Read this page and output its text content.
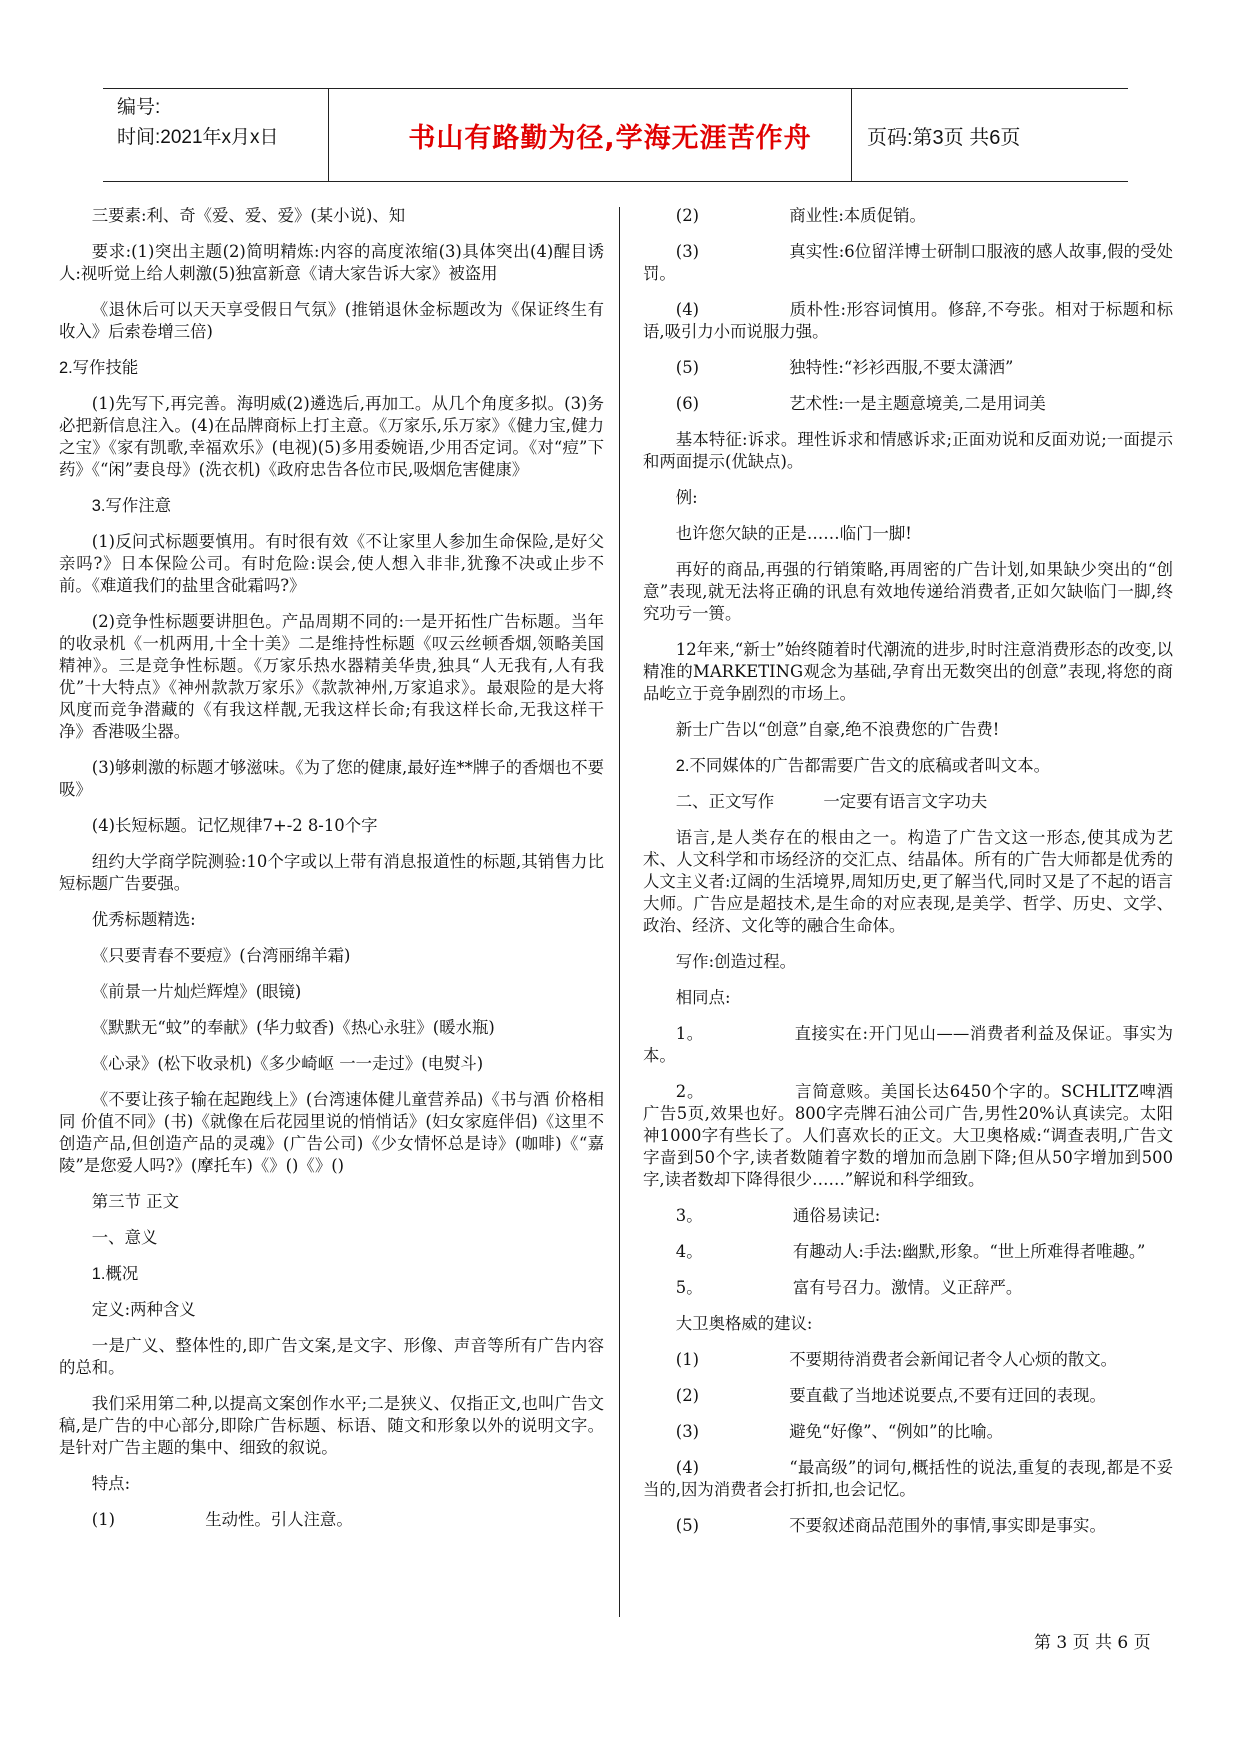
编号:
时间:2021年x月x日	书山有路勤为径,学海无涯苦作舟	页码:第3页 共6页

三要素:利、奇《爱、爱、爱》(某小说)、知

要求:(1)突出主题(2)简明精炼:内容的高度浓缩(3)具体突出(4)醒目诱人:视听觉上给人刺激(5)独富新意《请大家告诉大家》被盗用

《退休后可以天天享受假日气氛》(推销退休金标题改为《保证终生有收入》后索卷增三倍)

2.写作技能

(1)先写下,再完善。海明威(2)遴选后,再加工。从几个角度多拟。(3)务必把新信息注入。(4)在品牌商标上打主意。《万家乐,乐万家》《健力宝,健力之宝》《家有凯歌,幸福欢乐》(电视)(5)多用委婉语,少用否定词。《对“痘”下药》《“闲”妻良母》(洗衣机)《政府忠告各位市民,吸烟危害健康》

3.写作注意

(1)反问式标题要慎用。有时很有效《不让家里人参加生命保险,是好父亲吗?》日本保险公司。有时危险:误会,使人想入非非,犹豫不决或止步不前。《难道我们的盐里含砒霜吗?》

(2)竞争性标题要讲胆色。产品周期不同的:一是开拓性广告标题。当年的收录机《一机两用,十全十美》二是维持性标题《叹云丝顿香烟,领略美国精神》。三是竞争性标题。《万家乐热水器精美华贵,独具“人无我有,人有我优”十大特点》《神州款款万家乐》《款款神州,万家追求》。最艰险的是大将风度而竞争潜藏的《有我这样靓,无我这样长命;有我这样长命,无我这样干净》香港吸尘器。

(3)够刺激的标题才够滋味。《为了您的健康,最好连**牌子的香烟也不要吸》

(4)长短标题。记忆规律7+-2 8-10个字

纽约大学商学院测验:10个字或以上带有消息报道性的标题,其销售力比短标题广告要强。

优秀标题精选:

《只要青春不要痘》(台湾丽绵羊霜)

《前景一片灿烂辉煌》(眼镜)

《默默无“蚊”的奉献》(华力蚊香)《热心永驻》(暖水瓶)

《心录》(松下收录机)《多少崎岖 一一走过》(电熨斗)

《不要让孩子输在起跑线上》(台湾速体健儿童营养品)《书与酒 价格相同 价值不同》(书)《就像在后花园里说的悄悄话》(妇女家庭伴侣)《这里不创造产品,但创造产品的灵魂》(广告公司)《少女情怀总是诗》(咖啡)《“嘉陵”是您爱人吗?》(摩托车)《》()《》()

第三节 正文

一、意义

1.概况

定义:两种含义

一是广义、整体性的,即广告文案,是文字、形像、声音等所有广告内容的总和。

我们采用第二种,以提高文案创作水平;二是狭义、仅指正文,也叫广告文稿,是广告的中心部分,即除广告标题、标语、随文和形象以外的说明文字。是针对广告主题的集中、细致的叙说。

特点:

(1)	生动性。引人注意。

(2)	商业性:本质促销。

(3)	真实性:6位留洋博士研制口服液的感人故事,假的受处罚。

(4)	质朴性:形容词慎用。修辞,不夸张。相对于标题和标语,吸引力小而说服力强。

(5)	独特性:“衫衫西服,不要太潇洒”

(6)	艺术性:一是主题意境美,二是用词美

基本特征:诉求。理性诉求和情感诉求;正面劝说和反面劝说;一面提示和两面提示(优缺点)。

例:

也许您欠缺的正是……临门一脚!

再好的商品,再强的行销策略,再周密的广告计划,如果缺少突出的“创意”表现,就无法将正确的讯息有效地传递给消费者,正如欠缺临门一脚,终究功亏一篑。

12年来,“新士”始终随着时代潮流的进步,时时注意消费形态的改变,以精准的MARKETING观念为基础,孕育出无数突出的创意”表现,将您的商品屹立于竞争剧烈的市场上。

新士广告以“创意”自豪,绝不浪费您的广告费!

2.不同媒体的广告都需要广告文的底稿或者叫文本。

二、正文写作	一定要有语言文字功夫

语言,是人类存在的根由之一。构造了广告文这一形态,使其成为艺术、人文科学和市场经济的交汇点、结晶体。所有的广告大师都是优秀的人文主义者:辽阔的生活境界,周知历史,更了解当代,同时又是了不起的语言大师。广告应是超技术,是生命的对应表现,是美学、哲学、历史、文学、政治、经济、文化等的融合生命体。

写作:创造过程。

相同点:

1。	直接实在:开门见山——消费者利益及保证。事实为本。

2。	言简意赅。美国长达6450个字的。SCHLITZ啤酒广告5页,效果也好。800字壳牌石油公司广告,男性20%认真读完。太阳神1000字有些长了。人们喜欢长的正文。大卫奥格威:“调查表明,广告文字啬到50个字,读者数随着字数的增加而急剧下降;但从50字增加到500字,读者数却下降得很少……”解说和科学细致。

3。	通俗易读记:

4。	有趣动人:手法:幽默,形象。“世上所难得者唯趣。”

5。	富有号召力。激情。义正辞严。

大卫奥格威的建议:

(1)	不要期待消费者会新闻记者令人心烦的散文。

(2)	要直截了当地述说要点,不要有迂回的表现。

(3)	避免“好像”、“例如”的比喻。

(4)	“最高级”的词句,概括性的说法,重复的表现,都是不妥当的,因为消费者会打折扣,也会记忆。

(5)	不要叙述商品范围外的事情,事实即是事实。

第 3 页 共 6 页
